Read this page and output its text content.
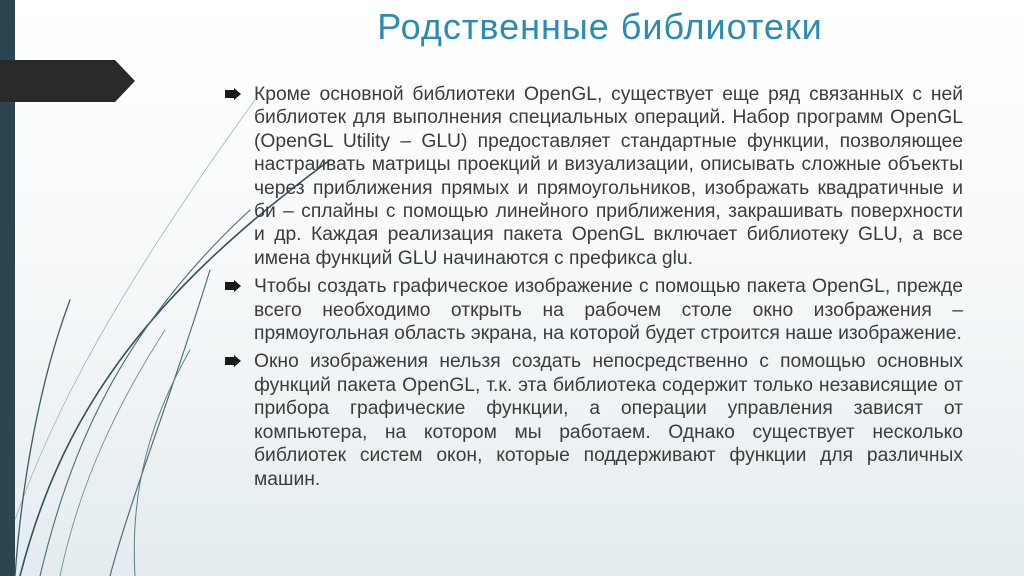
Родственные библиотеки
Кроме основной библиотеки OpenGL, существует еще ряд связанных с ней библиотек для выполнения специальных операций. Набор программ OpenGL (OpenGL Utility – GLU) предоставляет стандартные функции, позволяющее настраивать матрицы проекций и визуализации, описывать сложные объекты через приближения прямых и прямоугольников, изображать квадратичные и би – сплайны с помощью линейного приближения, закрашивать поверхности и др. Каждая реализация пакета OpenGL включает библиотеку GLU, а все имена функций GLU начинаются с префикса glu.
Чтобы создать графическое изображение с помощью пакета OpenGL, прежде всего необходимо открыть на рабочем столе окно изображения – прямоугольная область экрана, на которой будет строится наше изображение.
Окно изображения нельзя создать непосредственно с помощью основных функций пакета OpenGL, т.к. эта библиотека содержит только независящие от прибора графические функции, а операции управления зависят от компьютера, на котором мы работаем. Однако существует несколько библиотек систем окон, которые поддерживают функции для различных машин.
